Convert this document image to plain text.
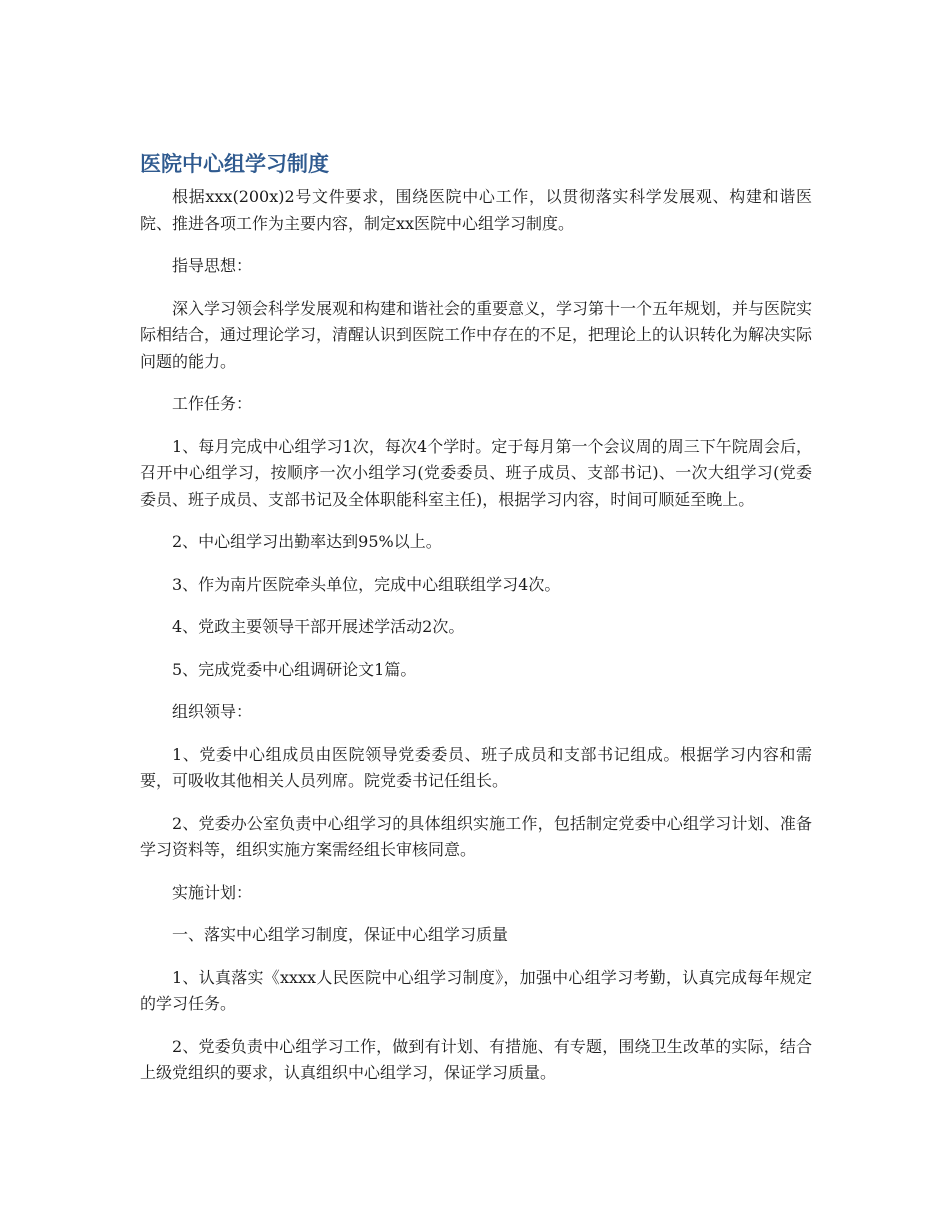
医院中心组学习制度

根据xxx(200x)2号文件要求，围绕医院中心工作，以贯彻落实科学发展观、构建和谐医院、推进各项工作为主要内容，制定xx医院中心组学习制度。

指导思想：

深入学习领会科学发展观和构建和谐社会的重要意义，学习第十一个五年规划，并与医院实际相结合，通过理论学习，清醒认识到医院工作中存在的不足，把理论上的认识转化为解决实际问题的能力。

工作任务：

1、每月完成中心组学习1次，每次4个学时。定于每月第一个会议周的周三下午院周会后，召开中心组学习，按顺序一次小组学习(党委委员、班子成员、支部书记)、一次大组学习(党委委员、班子成员、支部书记及全体职能科室主任)，根据学习内容，时间可顺延至晚上。

2、中心组学习出勤率达到95%以上。

3、作为南片医院牵头单位，完成中心组联组学习4次。

4、党政主要领导干部开展述学活动2次。

5、完成党委中心组调研论文1篇。

组织领导：

1、党委中心组成员由医院领导党委委员、班子成员和支部书记组成。根据学习内容和需要，可吸收其他相关人员列席。院党委书记任组长。

2、党委办公室负责中心组学习的具体组织实施工作，包括制定党委中心组学习计划、准备学习资料等，组织实施方案需经组长审核同意。

实施计划：

一、落实中心组学习制度，保证中心组学习质量

1、认真落实《xxxx人民医院中心组学习制度》，加强中心组学习考勤，认真完成每年规定的学习任务。

2、党委负责中心组学习工作，做到有计划、有措施、有专题，围绕卫生改革的实际，结合上级党组织的要求，认真组织中心组学习，保证学习质量。
